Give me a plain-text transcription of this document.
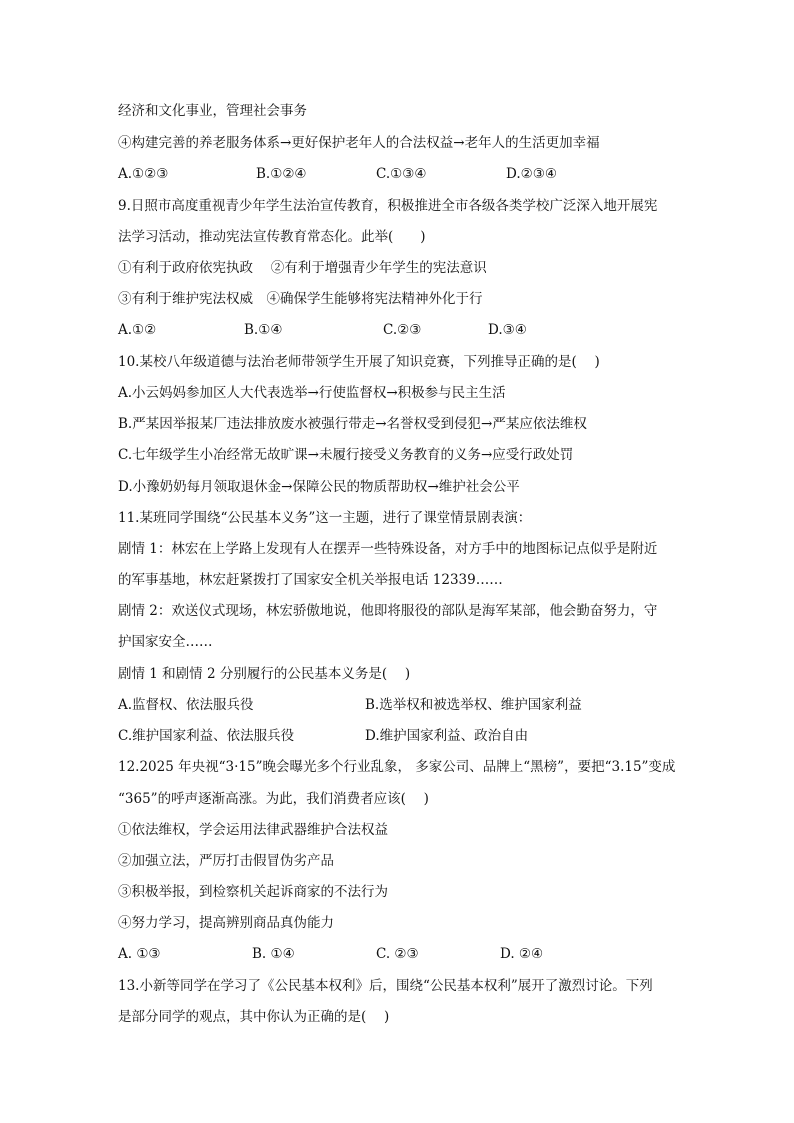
经济和文化事业，管理社会事务
④构建完善的养老服务体系→更好保护老年人的合法权益→老年人的生活更加幸福
A.①②③	B.①②④	C.①③④	D.②③④
9.日照市高度重视青少年学生法治宣传教育，积极推进全市各级各类学校广泛深入地开展宪
法学习活动，推动宪法宣传教育常态化。此举(　　)
①有利于政府依宪执政　 ②有利于增强青少年学生的宪法意识
③有利于维护宪法权威　④确保学生能够将宪法精神外化于行
A.①②	B.①④	C.②③	D.③④
10.某校八年级道德与法治老师带领学生开展了知识竞赛，下列推导正确的是(　 )
A.小云妈妈参加区人大代表选举→行使监督权→积极参与民主生活
B.严某因举报某厂违法排放废水被强行带走→名誉权受到侵犯→严某应依法维权
C.七年级学生小冶经常无故旷课→未履行接受义务教育的义务→应受行政处罚
D.小豫奶奶每月领取退休金→保障公民的物质帮助权→维护社会公平
11.某班同学围绕“公民基本义务”这一主题，进行了课堂情景剧表演：
剧情 1：林宏在上学路上发现有人在摆弄一些特殊设备，对方手中的地图标记点似乎是附近
的军事基地，林宏赶紧拨打了国家安全机关举报电话 12339……
剧情 2：欢送仪式现场，林宏骄傲地说，他即将服役的部队是海军某部，他会勤奋努力，守
护国家安全……
剧情 1 和剧情 2 分别履行的公民基本义务是(　 )
A.监督权、依法服兵役	B.选举权和被选举权、维护国家利益
C.维护国家利益、依法服兵役	D.维护国家利益、政治自由
12.2025 年央视“3·15”晚会曝光多个行业乱象， 多家公司、品牌上“黑榜”，要把“3.15”变成
“365”的呼声逐渐高涨。为此，我们消费者应该(　 )
①依法维权，学会运用法律武器维护合法权益
②加强立法，严厉打击假冒伪劣产品
③积极举报，到检察机关起诉商家的不法行为
④努力学习，提高辨别商品真伪能力
A. ①③	B. ①④	C. ②③	D. ②④
13.小新等同学在学习了《公民基本权利》后，围绕“公民基本权利”展开了激烈讨论。下列
是部分同学的观点，其中你认为正确的是(　 )
